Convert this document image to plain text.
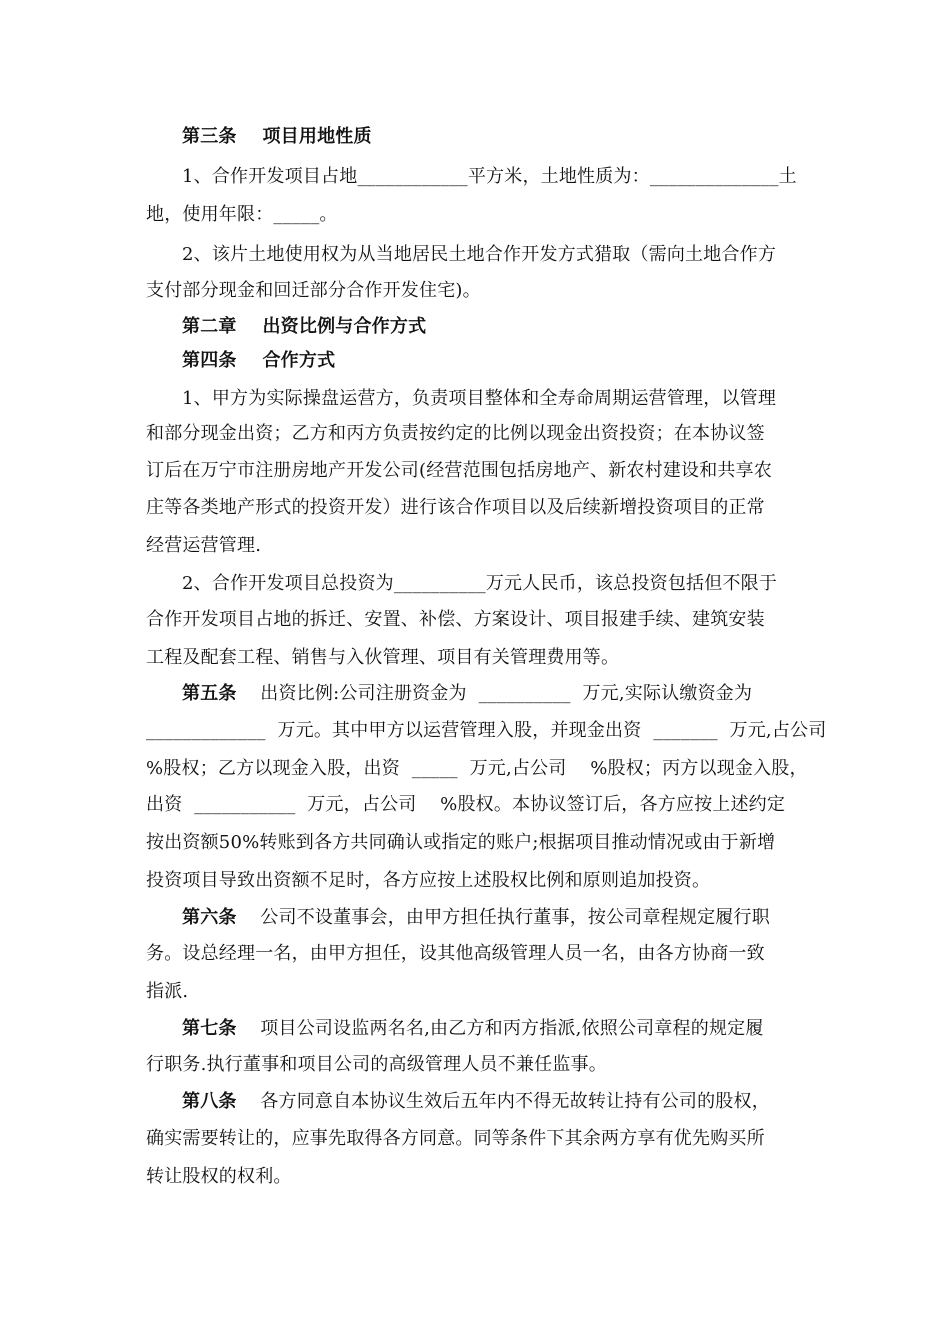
第三条    项目用地性质
1、合作开发项目占地____________平方米，土地性质为：______________土
地，使用年限：_____。
2、该片土地使用权为从当地居民土地合作开发方式猎取（需向土地合作方
支付部分现金和回迁部分合作开发住宅)。
第二章    出资比例与合作方式
第四条    合作方式
1、甲方为实际操盘运营方，负责项目整体和全寿命周期运营管理，以管理
和部分现金出资；乙方和丙方负责按约定的比例以现金出资投资；在本协议签
订后在万宁市注册房地产开发公司(经营范围包括房地产、新农村建设和共享农
庄等各类地产形式的投资开发）进行该合作项目以及后续新增投资项目的正常
经营运营管理.
2、合作开发项目总投资为__________万元人民币，该总投资包括但不限于
合作开发项目占地的拆迁、安置、补偿、方案设计、项目报建手续、建筑安装
工程及配套工程、销售与入伙管理、项目有关管理费用等。
第五条 出资比例:公司注册资金为  __________  万元,实际认缴资金为
_____________  万元。其中甲方以运营管理入股，并现金出资  _______  万元,占公司
%股权；乙方以现金入股，出资  _____  万元,占公司    %股权；丙方以现金入股，
出资  ___________  万元，占公司    %股权。本协议签订后，各方应按上述约定
按出资额50%转账到各方共同确认或指定的账户;根据项目推动情况或由于新增
投资项目导致出资额不足时，各方应按上述股权比例和原则追加投资。
第六条 公司不设董事会，由甲方担任执行董事，按公司章程规定履行职
务。设总经理一名，由甲方担任，设其他高级管理人员一名，由各方协商一致
指派.
第七条 项目公司设监两名名,由乙方和丙方指派,依照公司章程的规定履
行职务.执行董事和项目公司的高级管理人员不兼任监事。
第八条 各方同意自本协议生效后五年内不得无故转让持有公司的股权，
确实需要转让的，应事先取得各方同意。同等条件下其余两方享有优先购买所
转让股权的权利。
